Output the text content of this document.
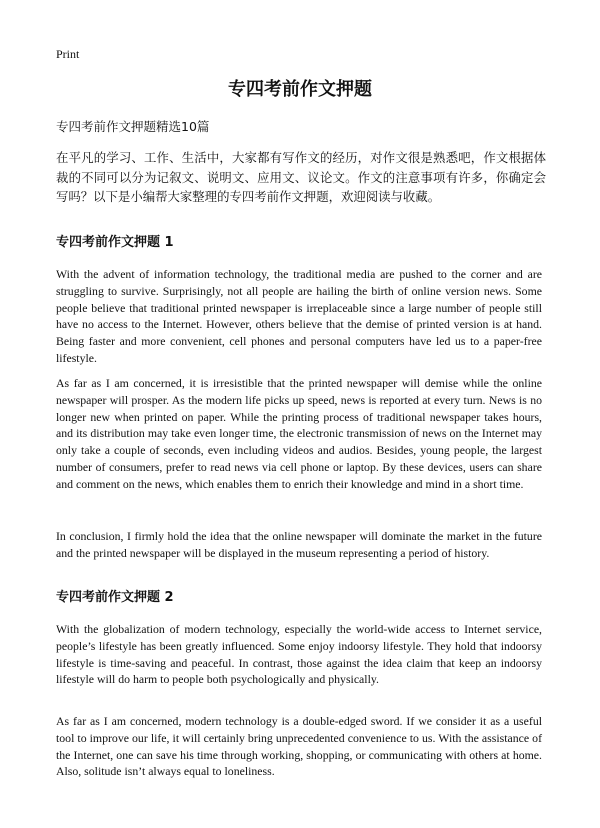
Print
专四考前作文押题

专四考前作文押题精选10篇

在平凡的学习、工作、生活中，大家都有写作文的经历，对作文很是熟悉吧，作文根据体裁的不同可以分为记叙文、说明文、应用文、议论文。作文的注意事项有许多，你确定会写吗？以下是小编帮大家整理的专四考前作文押题，欢迎阅读与收藏。

专四考前作文押题 1

With the advent of information technology, the traditional media are pushed to the corner and are struggling to survive. Surprisingly, not all people are hailing the birth of online version news. Some people believe that traditional printed newspaper is irreplaceable since a large number of people still have no access to the Internet. However, others believe that the demise of printed version is at hand. Being faster and more convenient, cell phones and personal computers have led us to a paper-free lifestyle.

As far as I am concerned, it is irresistible that the printed newspaper will demise while the online newspaper will prosper. As the modern life picks up speed, news is reported at every turn. News is no longer new when printed on paper. While the printing process of traditional newspaper takes hours, and its distribution may take even longer time, the electronic transmission of news on the Internet may only take a couple of seconds, even including videos and audios. Besides, young people, the largest number of consumers, prefer to read news via cell phone or laptop. By these devices, users can share and comment on the news, which enables them to enrich their knowledge and mind in a short time.

In conclusion, I firmly hold the idea that the online newspaper will dominate the market in the future and the printed newspaper will be displayed in the museum representing a period of history.

专四考前作文押题 2

With the globalization of modern technology, especially the world-wide access to Internet service, people’s lifestyle has been greatly influenced. Some enjoy indoorsy lifestyle. They hold that indoorsy lifestyle is time-saving and peaceful. In contrast, those against the idea claim that keep an indoorsy lifestyle will do harm to people both psychologically and physically.

As far as I am concerned, modern technology is a double-edged sword. If we consider it as a useful tool to improve our life, it will certainly bring unprecedented convenience to us. With the assistance of the Internet, one can save his time through working, shopping, or communicating with others at home. Also, solitude isn’t always equal to loneliness.
